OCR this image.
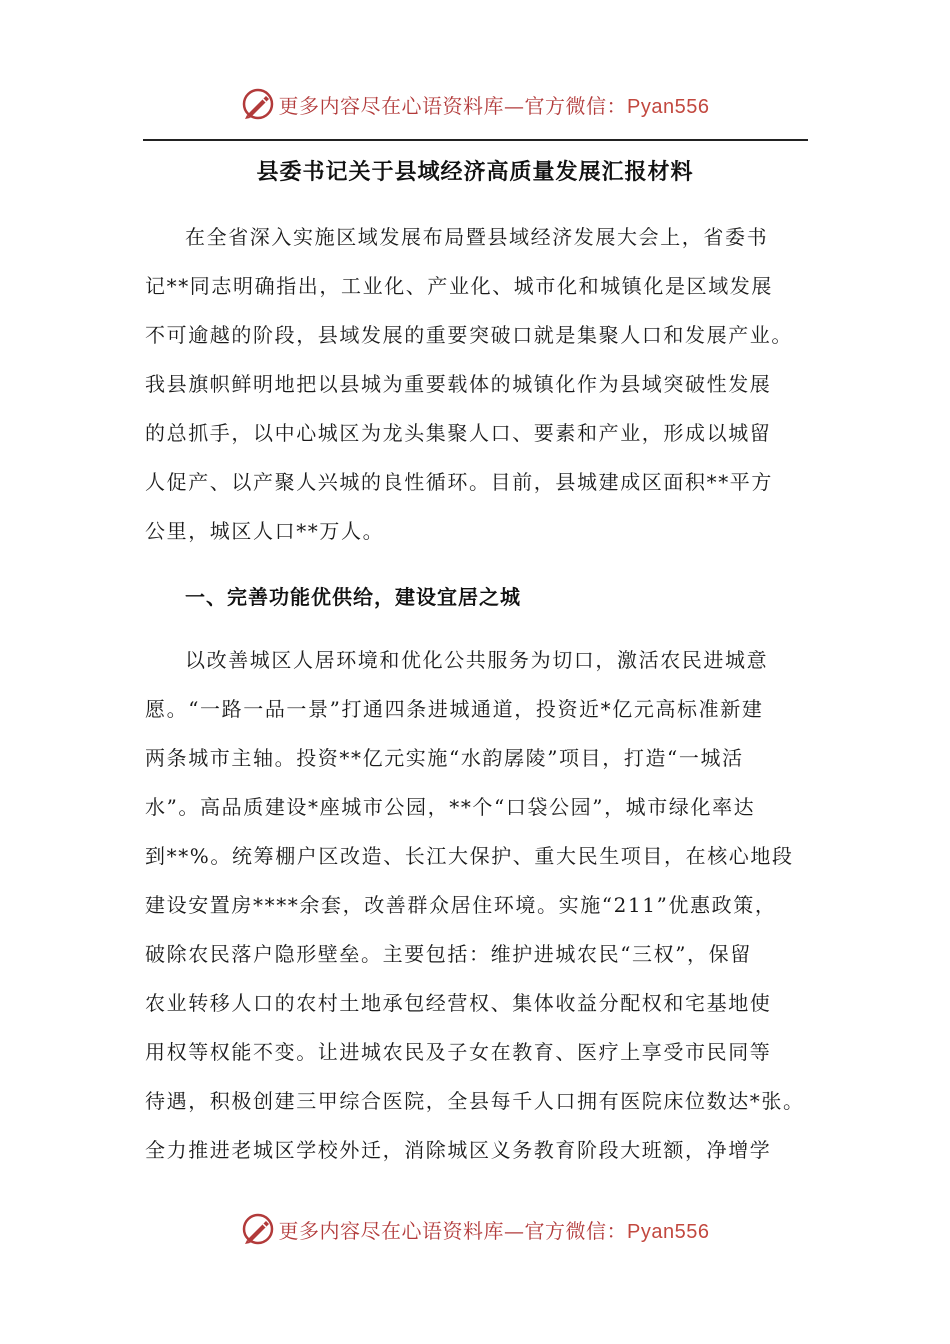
更多内容尽在心语资料库—官方微信：Pyan556
县委书记关于县域经济高质量发展汇报材料
在全省深入实施区域发展布局暨县域经济发展大会上，省委书
记**同志明确指出，工业化、产业化、城市化和城镇化是区域发展
不可逾越的阶段，县域发展的重要突破口就是集聚人口和发展产业。
我县旗帜鲜明地把以县城为重要载体的城镇化作为县域突破性发展
的总抓手，以中心城区为龙头集聚人口、要素和产业，形成以城留
人促产、以产聚人兴城的良性循环。目前，县城建成区面积**平方
公里，城区人口**万人。
一、完善功能优供给，建设宜居之城
以改善城区人居环境和优化公共服务为切口，激活农民进城意
愿。“一路一品一景”打通四条进城通道，投资近*亿元高标准新建
两条城市主轴。投资**亿元实施“水韵孱陵”项目，打造“一城活
水”。高品质建设*座城市公园，**个“口袋公园”，城市绿化率达
到**%。统筹棚户区改造、长江大保护、重大民生项目，在核心地段
建设安置房****余套，改善群众居住环境。实施“211”优惠政策，
破除农民落户隐形壁垒。主要包括：维护进城农民“三权”，保留
农业转移人口的农村土地承包经营权、集体收益分配权和宅基地使
用权等权能不变。让进城农民及子女在教育、医疗上享受市民同等
待遇，积极创建三甲综合医院，全县每千人口拥有医院床位数达*张。
全力推进老城区学校外迁，消除城区义务教育阶段大班额，净增学
更多内容尽在心语资料库—官方微信：Pyan556
